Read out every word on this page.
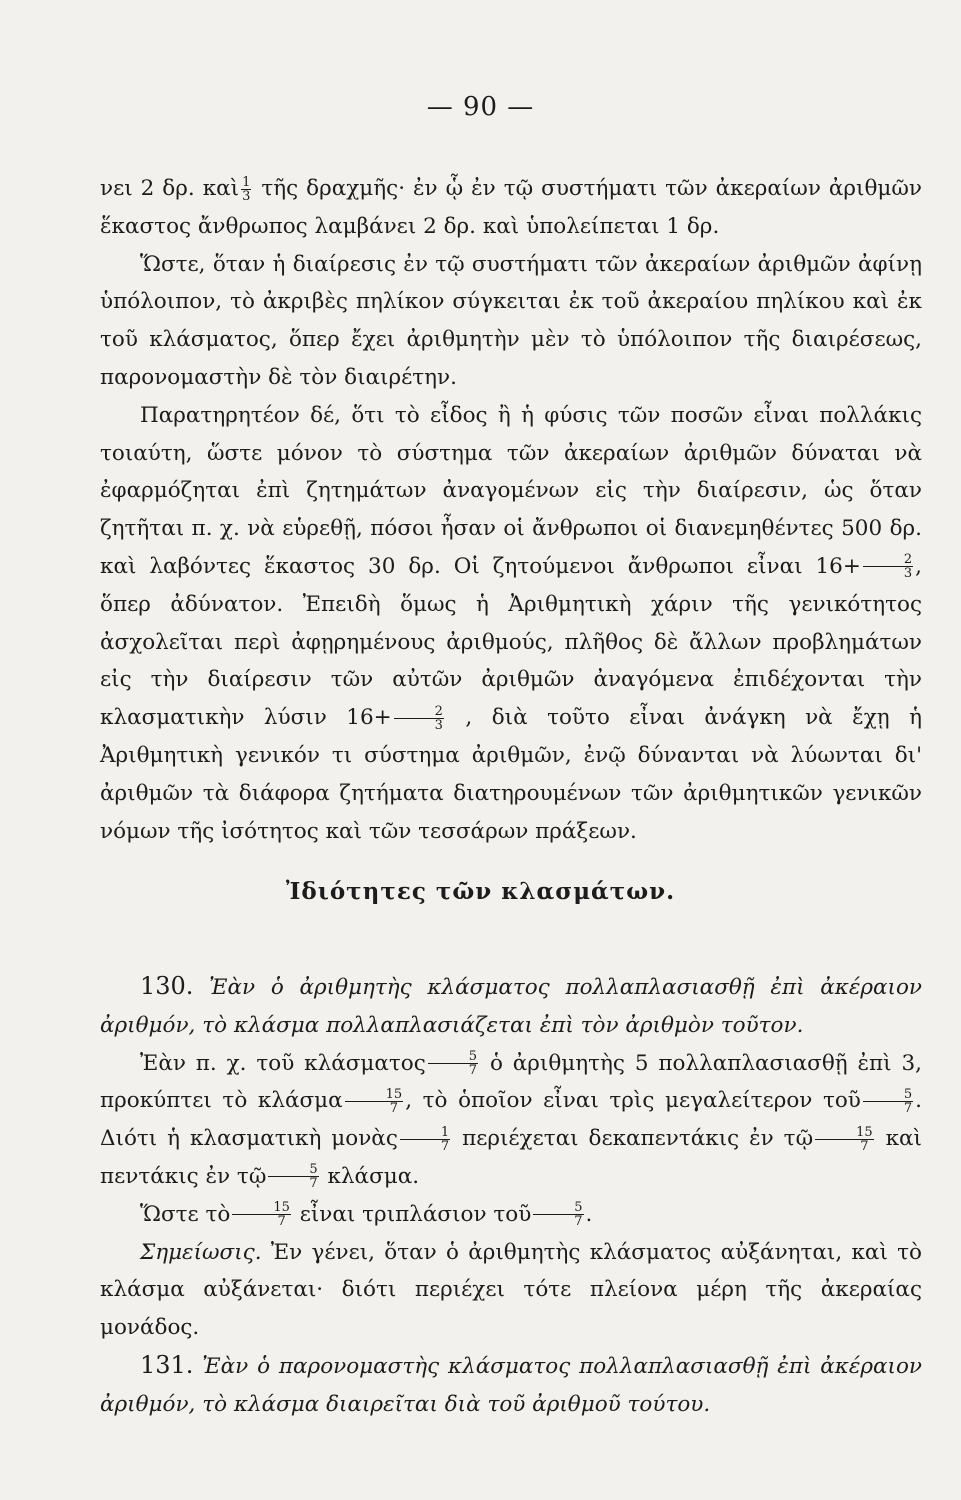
— 90 —

νει 2 δρ. καὶ $\frac{1}{3}$ τῆς δραχμῆς· ἐν ᾧ ἐν τῷ συστήματι τῶν ἀκεραίων ἀριθμῶν ἕκαστος ἄνθρωπος λαμβάνει 2 δρ. καὶ ὑπολείπεται 1 δρ.

Ὥστε, ὅταν ἡ διαίρεσις ἐν τῷ συστήματι τῶν ἀκεραίων ἀριθμῶν ἀφίνῃ ὑπόλοιπον, τὸ ἀκριβὲς πηλίκον σύγκειται ἐκ τοῦ ἀκεραίου πηλίκου καὶ ἐκ τοῦ κλάσματος, ὅπερ ἔχει ἀριθμητὴν μὲν τὸ ὑπόλοιπον τῆς διαιρέσεως, παρονομαστὴν δὲ τὸν διαιρέτην.

Παρατηρητέον δέ, ὅτι τὸ εἶδος ἢ ἡ φύσις τῶν ποσῶν εἶναι πολλάκις τοιαύτη, ὥστε μόνον τὸ σύστημα τῶν ἀκεραίων ἀριθμῶν δύναται νὰ ἐφαρμόζηται ἐπὶ ζητημάτων ἀναγομένων εἰς τὴν διαίρεσιν, ὡς ὅταν ζητῆται π. χ. νὰ εὑρεθῇ, πόσοι ἦσαν οἱ ἄνθρωποι οἱ διανεμηθέντες 500 δρ. καὶ λαβόντες ἕκαστος 30 δρ. Οἱ ζητούμενοι ἄνθρωποι εἶναι $16+ \frac{2}{3}$ , ὅπερ ἀδύνατον. Ἐπειδὴ ὅμως ἡ Ἀριθμητικὴ χάριν τῆς γενικότητος ἀσχολεῖται περὶ ἀφῃρημένους ἀριθμούς, πλῆθος δὲ ἄλλων προβλημάτων εἰς τὴν διαίρεσιν τῶν αὐτῶν ἀριθμῶν ἀναγόμενα ἐπιδέχονται τὴν κλασματικὴν λύσιν $16+ \frac{2}{3}$ , διὰ τοῦτο εἶναι ἀνάγκη νὰ ἔχῃ ἡ Ἀριθμητικὴ γενικόν τι σύστημα ἀριθμῶν, ἐνῷ δύνανται νὰ λύωνται δι' ἀριθμῶν τὰ διάφορα ζητήματα διατηρουμένων τῶν ἀριθμητικῶν γενικῶν νόμων τῆς ἰσότητος καὶ τῶν τεσσάρων πράξεων.

Ἰδιότητες τῶν κλασμάτων.

130. Ἐὰν ὁ ἀριθμητὴς κλάσματος πολλαπλασιασθῇ ἐπὶ ἀκέραιον ἀριθμόν, τὸ κλάσμα πολλαπλασιάζεται ἐπὶ τὸν ἀριθμὸν τοῦτον.

Ἐὰν π. χ. τοῦ κλάσματος $\frac{5}{7}$ ὁ ἀριθμητὴς 5 πολλαπλασιασθῇ ἐπὶ 3, προκύπτει τὸ κλάσμα $\frac{15}{7}$ , τὸ ὁποῖον εἶναι τρὶς μεγαλείτερον τοῦ $\frac{5}{7}$ . Διότι ἡ κλασματικὴ μονὰς $\frac{1}{7}$ περιέχεται δεκαπεντάκις ἐν τῷ $\frac{15}{7}$ καὶ πεντάκις ἐν τῷ $\frac{5}{7} \kappa\lambda ά\sigma\mu\alpha$.

Ὥστε τὸ $\frac{15}{7}$ εἶναι τριπλάσιον τοῦ $\frac{5}{7}$ .

Σημείωσις. Ἐν γένει, ὅταν ὁ ἀριθμητὴς κλάσματος αὐξάνηται, καὶ τὸ κλάσμα αὐξάνεται· διότι περιέχει τότε πλείονα μέρη τῆς ἀκεραίας μονάδος.

131. Ἐὰν ὁ παρονομαστὴς κλάσματος πολλαπλασιασθῇ ἐπὶ ἀκέραιον ἀριθμόν, τὸ κλάσμα διαιρεῖται διὰ τοῦ ἀριθμοῦ τούτου.
